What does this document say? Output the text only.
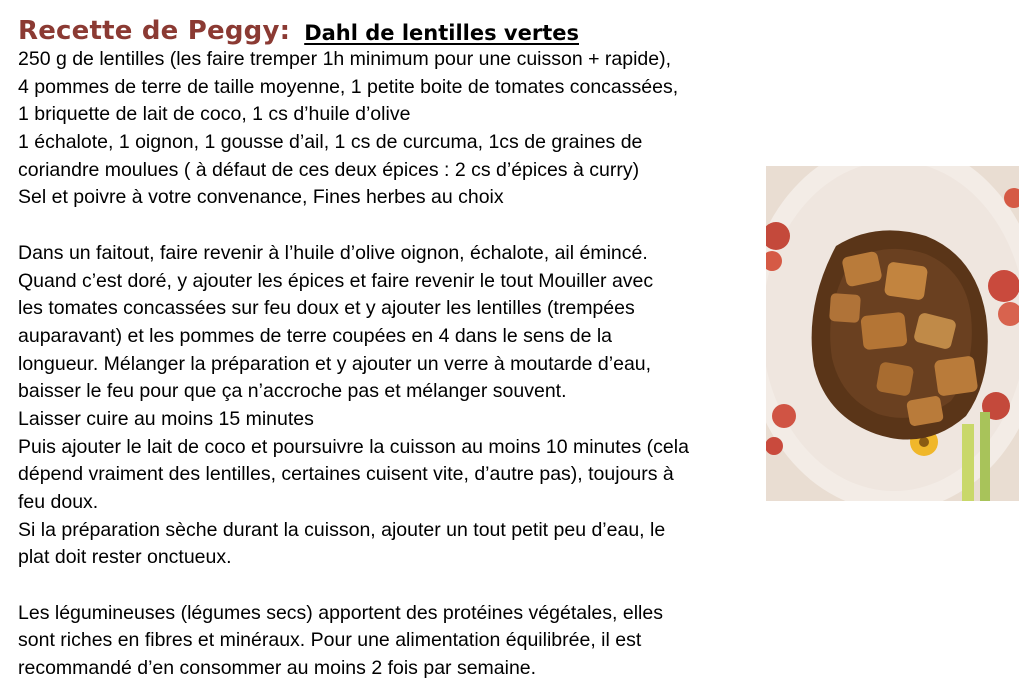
Recette de Peggy: Dahl de lentilles vertes
250 g de lentilles (les faire tremper 1h minimum pour une cuisson + rapide),
4 pommes de terre de taille moyenne, 1 petite boite de tomates concassées,
1 briquette de lait de coco, 1 cs d’huile d’olive
1 échalote, 1 oignon, 1 gousse d’ail, 1 cs de curcuma, 1cs de graines de
coriandre moulues ( à défaut de ces deux épices : 2 cs d’épices à curry)
Sel et poivre à votre convenance, Fines herbes au choix
Dans un faitout, faire revenir à l’huile d’olive oignon, échalote, ail émincé.
Quand c’est doré, y ajouter les épices et faire revenir le tout Mouiller avec
les tomates concassées sur feu doux et y ajouter les lentilles (trempées
auparavant) et les pommes de terre coupées en 4 dans le sens de la
longueur. Mélanger la préparation et y ajouter un verre à moutarde d’eau,
baisser le feu pour que ça n’accroche pas et mélanger souvent.
Laisser cuire au moins 15 minutes
Puis ajouter le lait de coco et poursuivre la cuisson au moins 10 minutes (cela
dépend vraiment des lentilles, certaines cuisent vite, d’autre pas), toujours à
feu doux.
Si la préparation sèche durant la cuisson, ajouter un tout petit peu d’eau, le
plat doit rester onctueux.
Les légumineuses (légumes secs) apportent des protéines végétales, elles
sont riches en fibres et minéraux. Pour une alimentation équilibrée, il est
recommandé d’en consommer au moins 2 fois par semaine.
